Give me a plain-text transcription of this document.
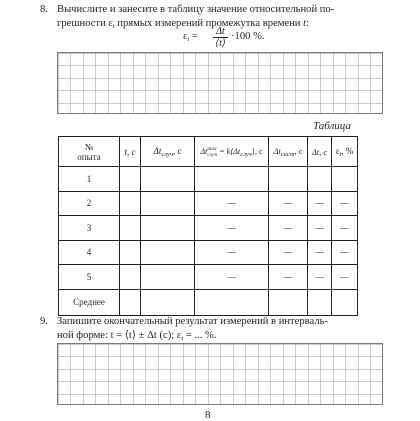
8. Вычислите и занесите в таблицу значение относительной по-
грешности $\varepsilon_t$ прямых измерений промежутка времени t:
$\varepsilon_t$ =	Δt
⟨t⟩
·100 %.
Таблица
№
опыта	t, c	$\Delta t_{случ}$, c	Δtmax
случ = $k⟨\Delta t_{случ}⟩$, c	$\Delta t_{сист}$, c	Δt, c	$\varepsilon_t$, %
1						
2			—	—	—	—
3			—	—	—	—
4			—	—	—	—
5			—	—	—	—
Среднее						
9. Запишите окончательный результат измерений в интерваль-
ной форме: t = ⟨t⟩ ± Δt (c); $\varepsilon_t$ = ... %.
8
